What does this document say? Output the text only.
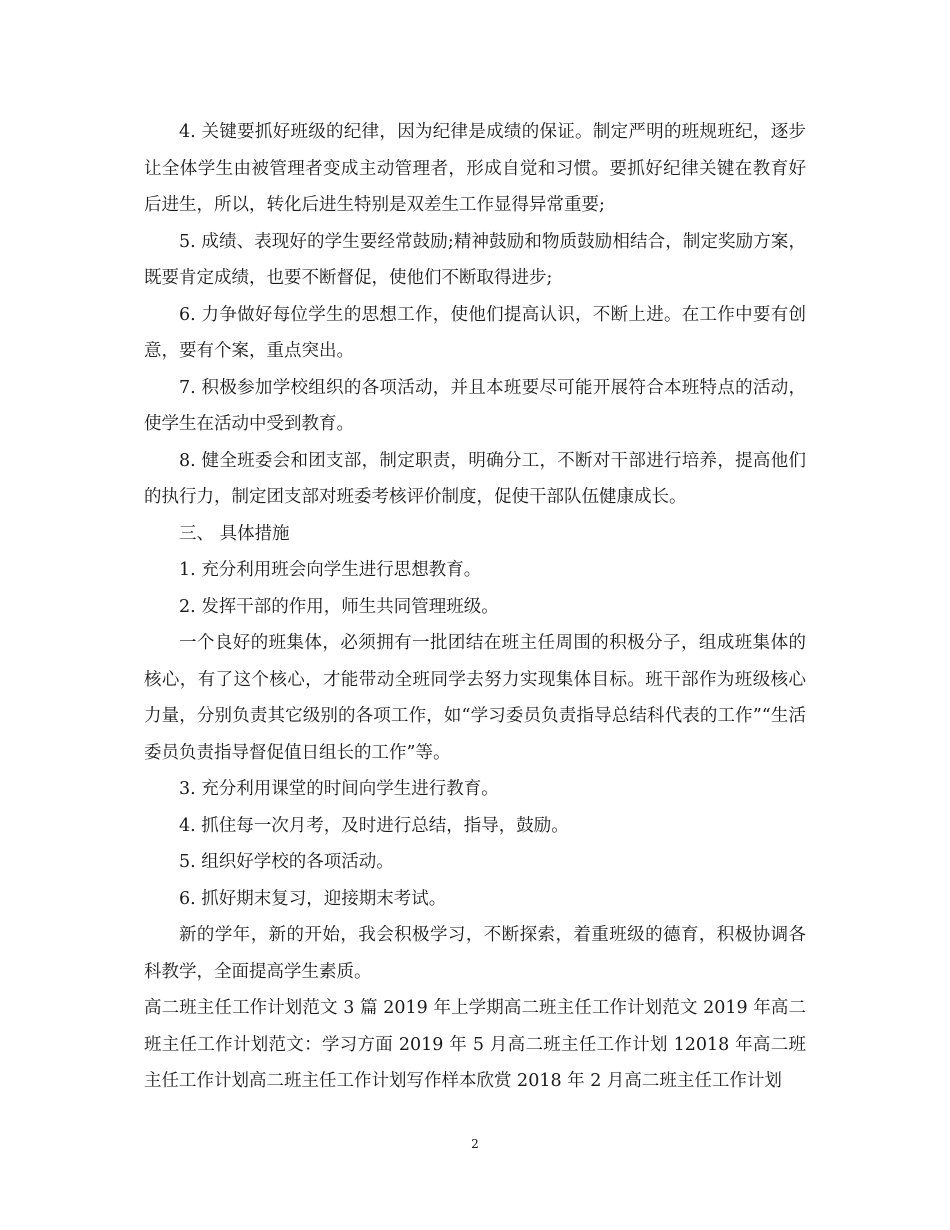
4. 关键要抓好班级的纪律，因为纪律是成绩的保证。制定严明的班规班纪，逐步让全体学生由被管理者变成主动管理者，形成自觉和习惯。要抓好纪律关键在教育好后进生，所以，转化后进生特别是双差生工作显得异常重要;

5. 成绩、表现好的学生要经常鼓励;精神鼓励和物质鼓励相结合，制定奖励方案，既要肯定成绩，也要不断督促，使他们不断取得进步;

6. 力争做好每位学生的思想工作，使他们提高认识，不断上进。在工作中要有创意，要有个案，重点突出。

7. 积极参加学校组织的各项活动，并且本班要尽可能开展符合本班特点的活动，使学生在活动中受到教育。

8. 健全班委会和团支部，制定职责，明确分工，不断对干部进行培养，提高他们的执行力，制定团支部对班委考核评价制度，促使干部队伍健康成长。

三、 具体措施

1. 充分利用班会向学生进行思想教育。

2. 发挥干部的作用，师生共同管理班级。

一个良好的班集体，必须拥有一批团结在班主任周围的积极分子，组成班集体的核心，有了这个核心，才能带动全班同学去努力实现集体目标。班干部作为班级核心力量，分别负责其它级别的各项工作，如“学习委员负责指导总结科代表的工作”“生活委员负责指导督促值日组长的工作”等。

3. 充分利用课堂的时间向学生进行教育。

4. 抓住每一次月考，及时进行总结，指导，鼓励。

5. 组织好学校的各项活动。

6. 抓好期末复习，迎接期末考试。

新的学年，新的开始，我会积极学习，不断探索，着重班级的德育，积极协调各科教学，全面提高学生素质。

高二班主任工作计划范文 3 篇 2019 年上学期高二班主任工作计划范文 2019 年高二班主任工作计划范文：学习方面 2019 年 5 月高二班主任工作计划 12018 年高二班主任工作计划高二班主任工作计划写作样本欣赏 2018 年 2 月高二班主任工作计划

2
